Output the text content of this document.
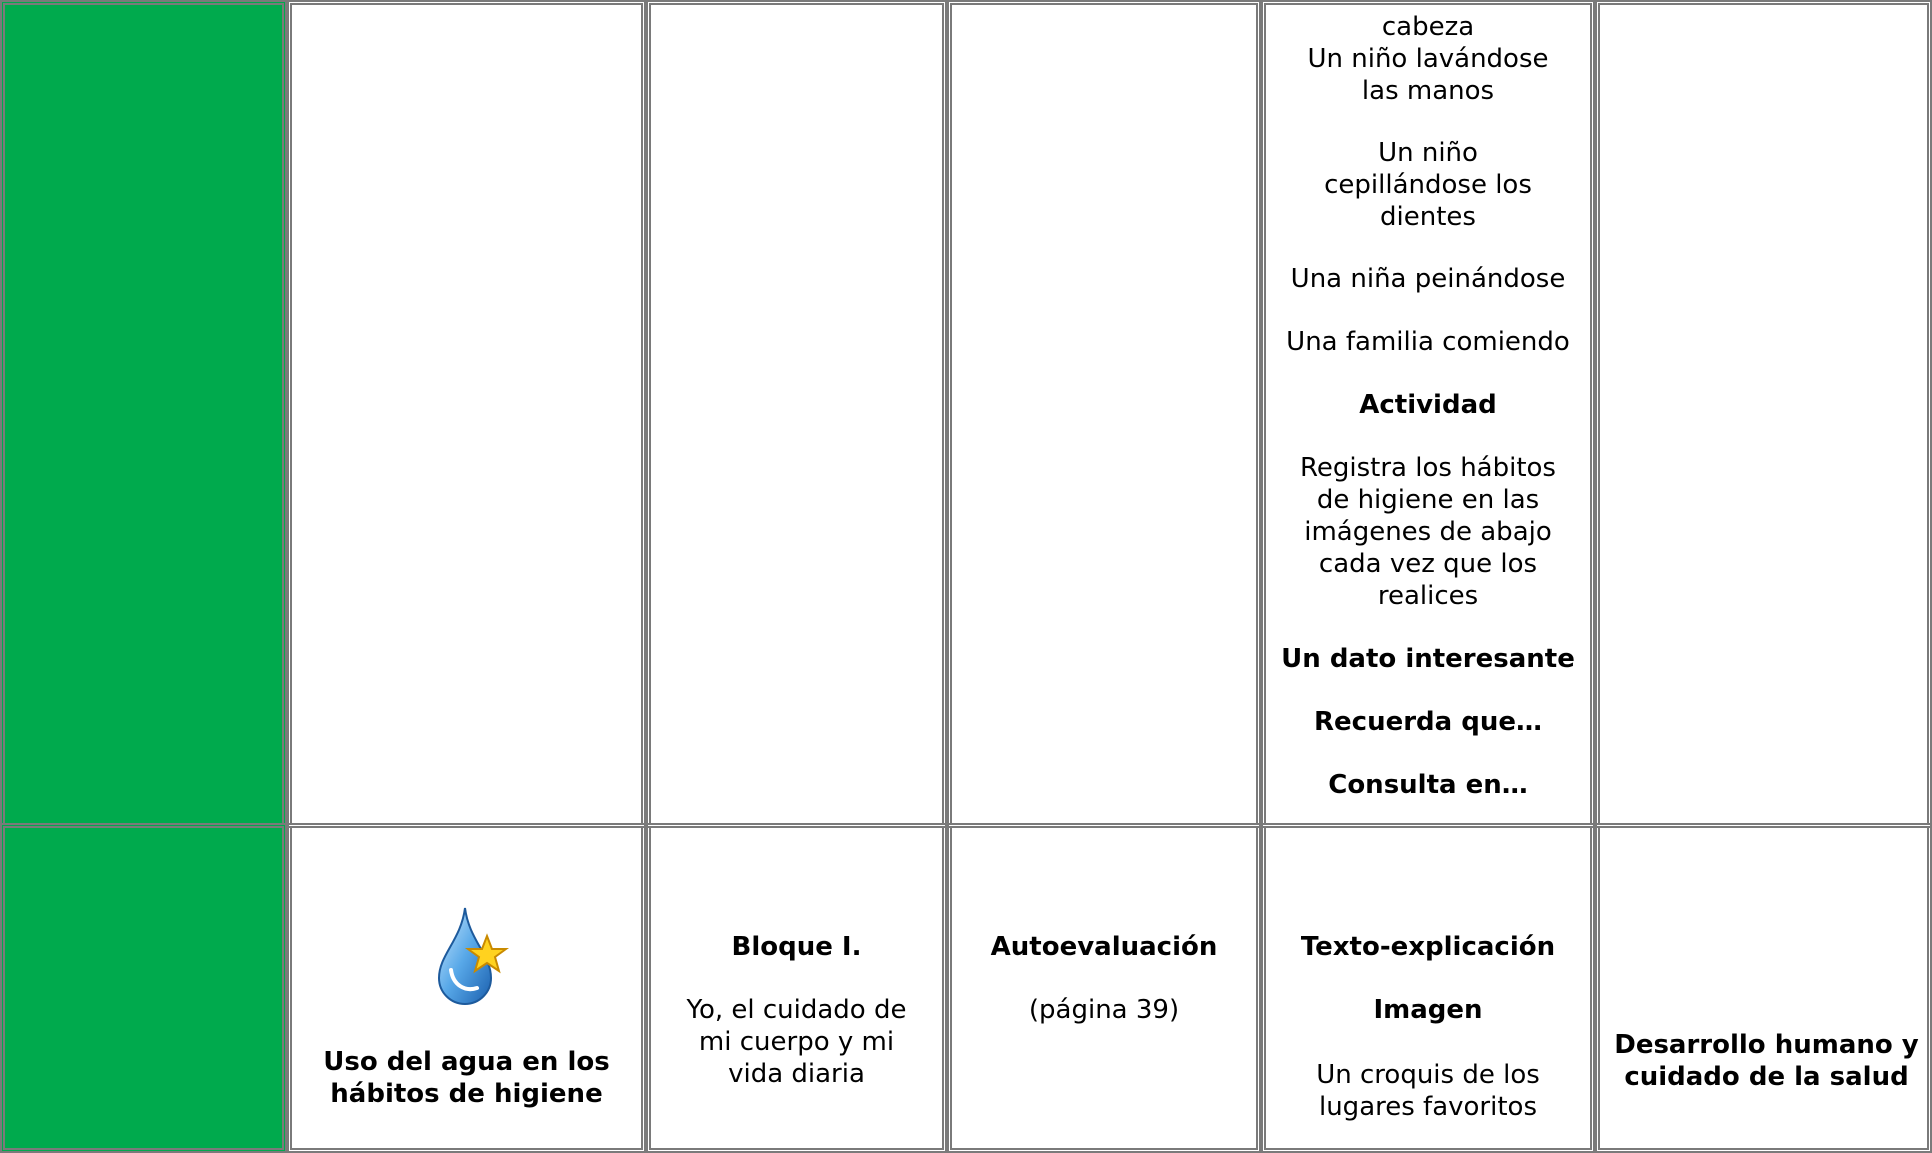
cabeza
Un niño lavándose las manos
Un niño cepillándose los dientes
Una niña peinándose
Una familia comiendo
Actividad
Registra los hábitos de higiene en las imágenes de abajo cada vez que los realices
Un dato interesante
Recuerda que…
Consulta en…
Uso del agua en los hábitos de higiene
Bloque I.
Yo, el cuidado de mi cuerpo y mi vida diaria
Autoevaluación
(página 39)
Texto-explicación
Imagen
Un croquis de los lugares favoritos
Desarrollo humano y cuidado de la salud
